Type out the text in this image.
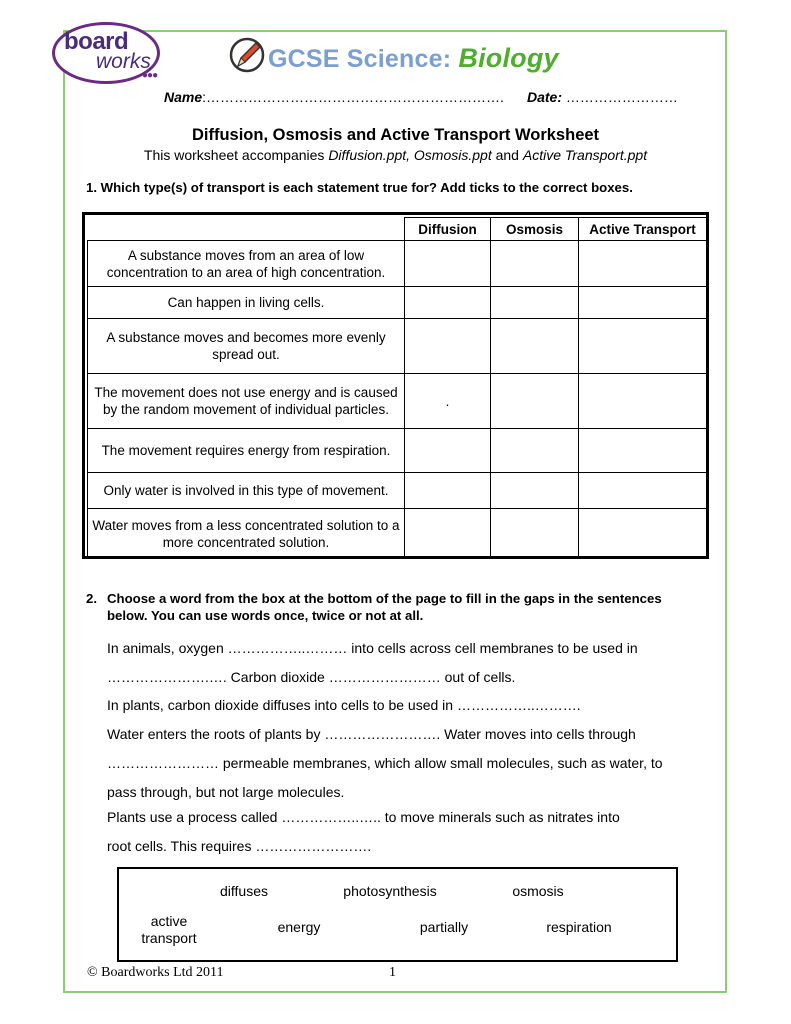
board
works
●●●
GCSE Science: Biology
Name:………………………………………………………. Date: ……………………
Diffusion, Osmosis and Active Transport Worksheet
This worksheet accompanies Diffusion.ppt, Osmosis.ppt and Active Transport.ppt
1. Which type(s) of transport is each statement true for? Add ticks to the correct boxes.
	Diffusion	Osmosis	Active Transport
A substance moves from an area of low concentration to an area of high concentration.			
Can happen in living cells.			
A substance moves and becomes more evenly spread out.			
The movement does not use energy and is caused by the random movement of individual particles.	.		
The movement requires energy from respiration.			
Only water is involved in this type of movement.			
Water moves from a less concentrated solution to a more concentrated solution.			
2. Choose a word from the box at the bottom of the page to fill in the gaps in the sentences below. You can use words once, twice or not at all.
In animals, oxygen ……………..……… into cells across cell membranes to be used in
………………….…. Carbon dioxide …………………… out of cells.
In plants, carbon dioxide diffuses into cells to be used in ……………..……….
Water enters the roots of plants by ……………………. Water moves into cells through
…………………… permeable membranes, which allow small molecules, such as water, to
pass through, but not large molecules.
Plants use a process called ……………..….. to move minerals such as nitrates into
root cells. This requires …………………….
diffuses	photosynthesis	osmosis
active transport
energy	partially	respiration
© Boardworks Ltd 2011	1
